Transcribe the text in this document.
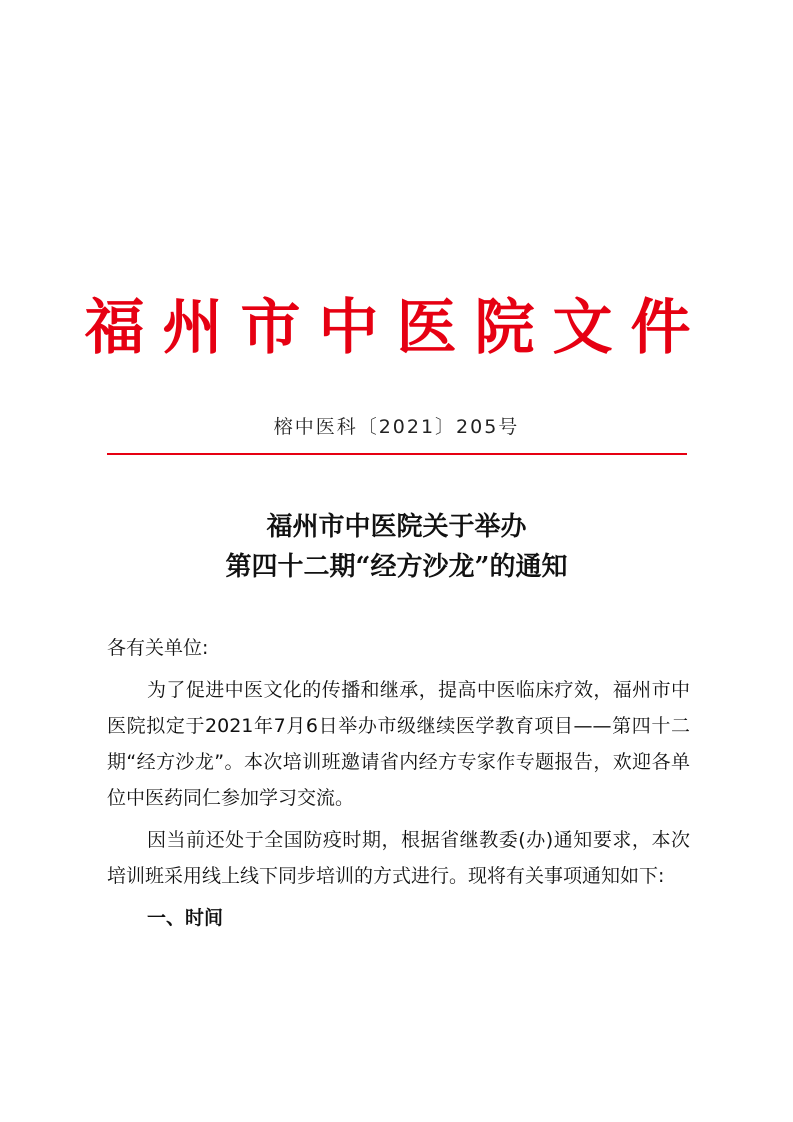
福州市中医院文件
榕中医科〔2021〕205号
福州市中医院关于举办
第四十二期“经方沙龙”的通知
各有关单位:
为了促进中医文化的传播和继承，提高中医临床疗效，福州市中医院拟定于2021年7月6日举办市级继续医学教育项目——第四十二期“经方沙龙”。本次培训班邀请省内经方专家作专题报告，欢迎各单位中医药同仁参加学习交流。
因当前还处于全国防疫时期，根据省继教委(办)通知要求，本次培训班采用线上线下同步培训的方式进行。现将有关事项通知如下:
一、时间
